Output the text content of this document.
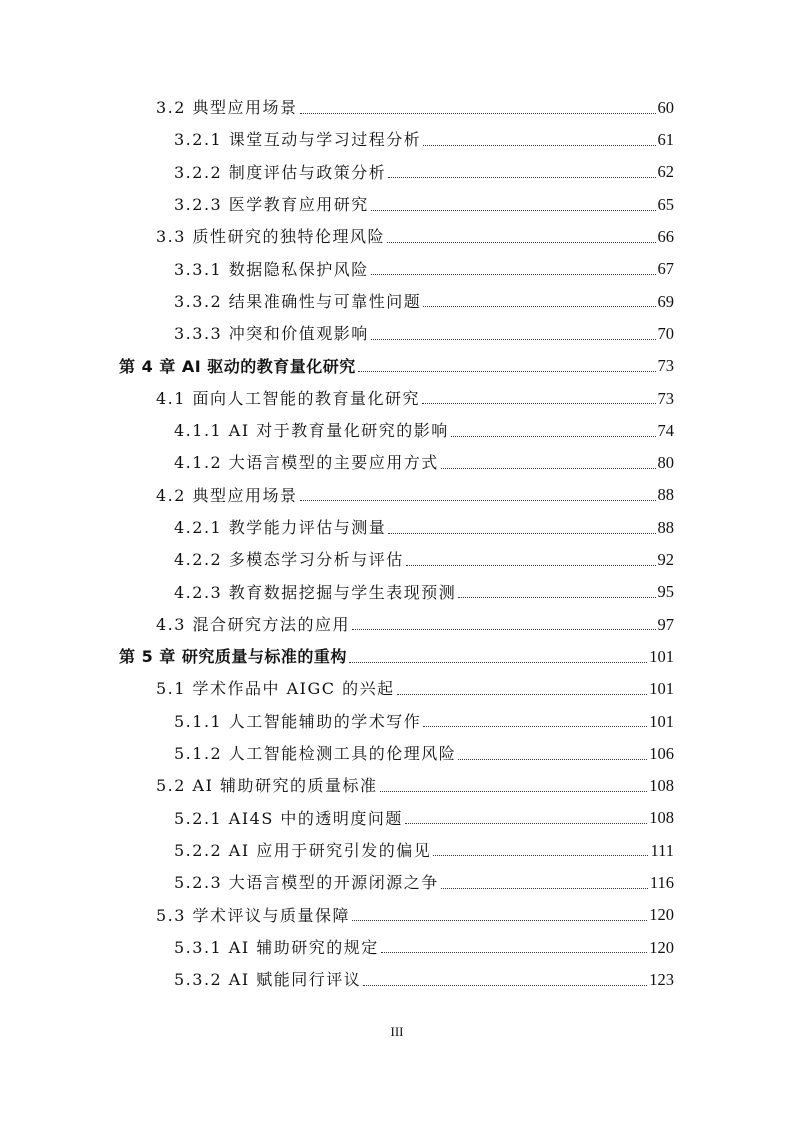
3.2 典型应用场景	60
3.2.1 课堂互动与学习过程分析	61
3.2.2 制度评估与政策分析	62
3.2.3 医学教育应用研究	65
3.3 质性研究的独特伦理风险	66
3.3.1 数据隐私保护风险	67
3.3.2 结果准确性与可靠性问题	69
3.3.3 冲突和价值观影响	70
第 4 章 AI 驱动的教育量化研究	73
4.1 面向人工智能的教育量化研究	73
4.1.1 AI 对于教育量化研究的影响	74
4.1.2 大语言模型的主要应用方式	80
4.2 典型应用场景	88
4.2.1 教学能力评估与测量	88
4.2.2 多模态学习分析与评估	92
4.2.3 教育数据挖掘与学生表现预测	95
4.3 混合研究方法的应用	97
第 5 章 研究质量与标准的重构	101
5.1 学术作品中 AIGC 的兴起	101
5.1.1 人工智能辅助的学术写作	101
5.1.2 人工智能检测工具的伦理风险	106
5.2 AI 辅助研究的质量标准	108
5.2.1 AI4S 中的透明度问题	108
5.2.2 AI 应用于研究引发的偏见	111
5.2.3 大语言模型的开源闭源之争	116
5.3 学术评议与质量保障	120
5.3.1 AI 辅助研究的规定	120
5.3.2 AI 赋能同行评议	123
III
